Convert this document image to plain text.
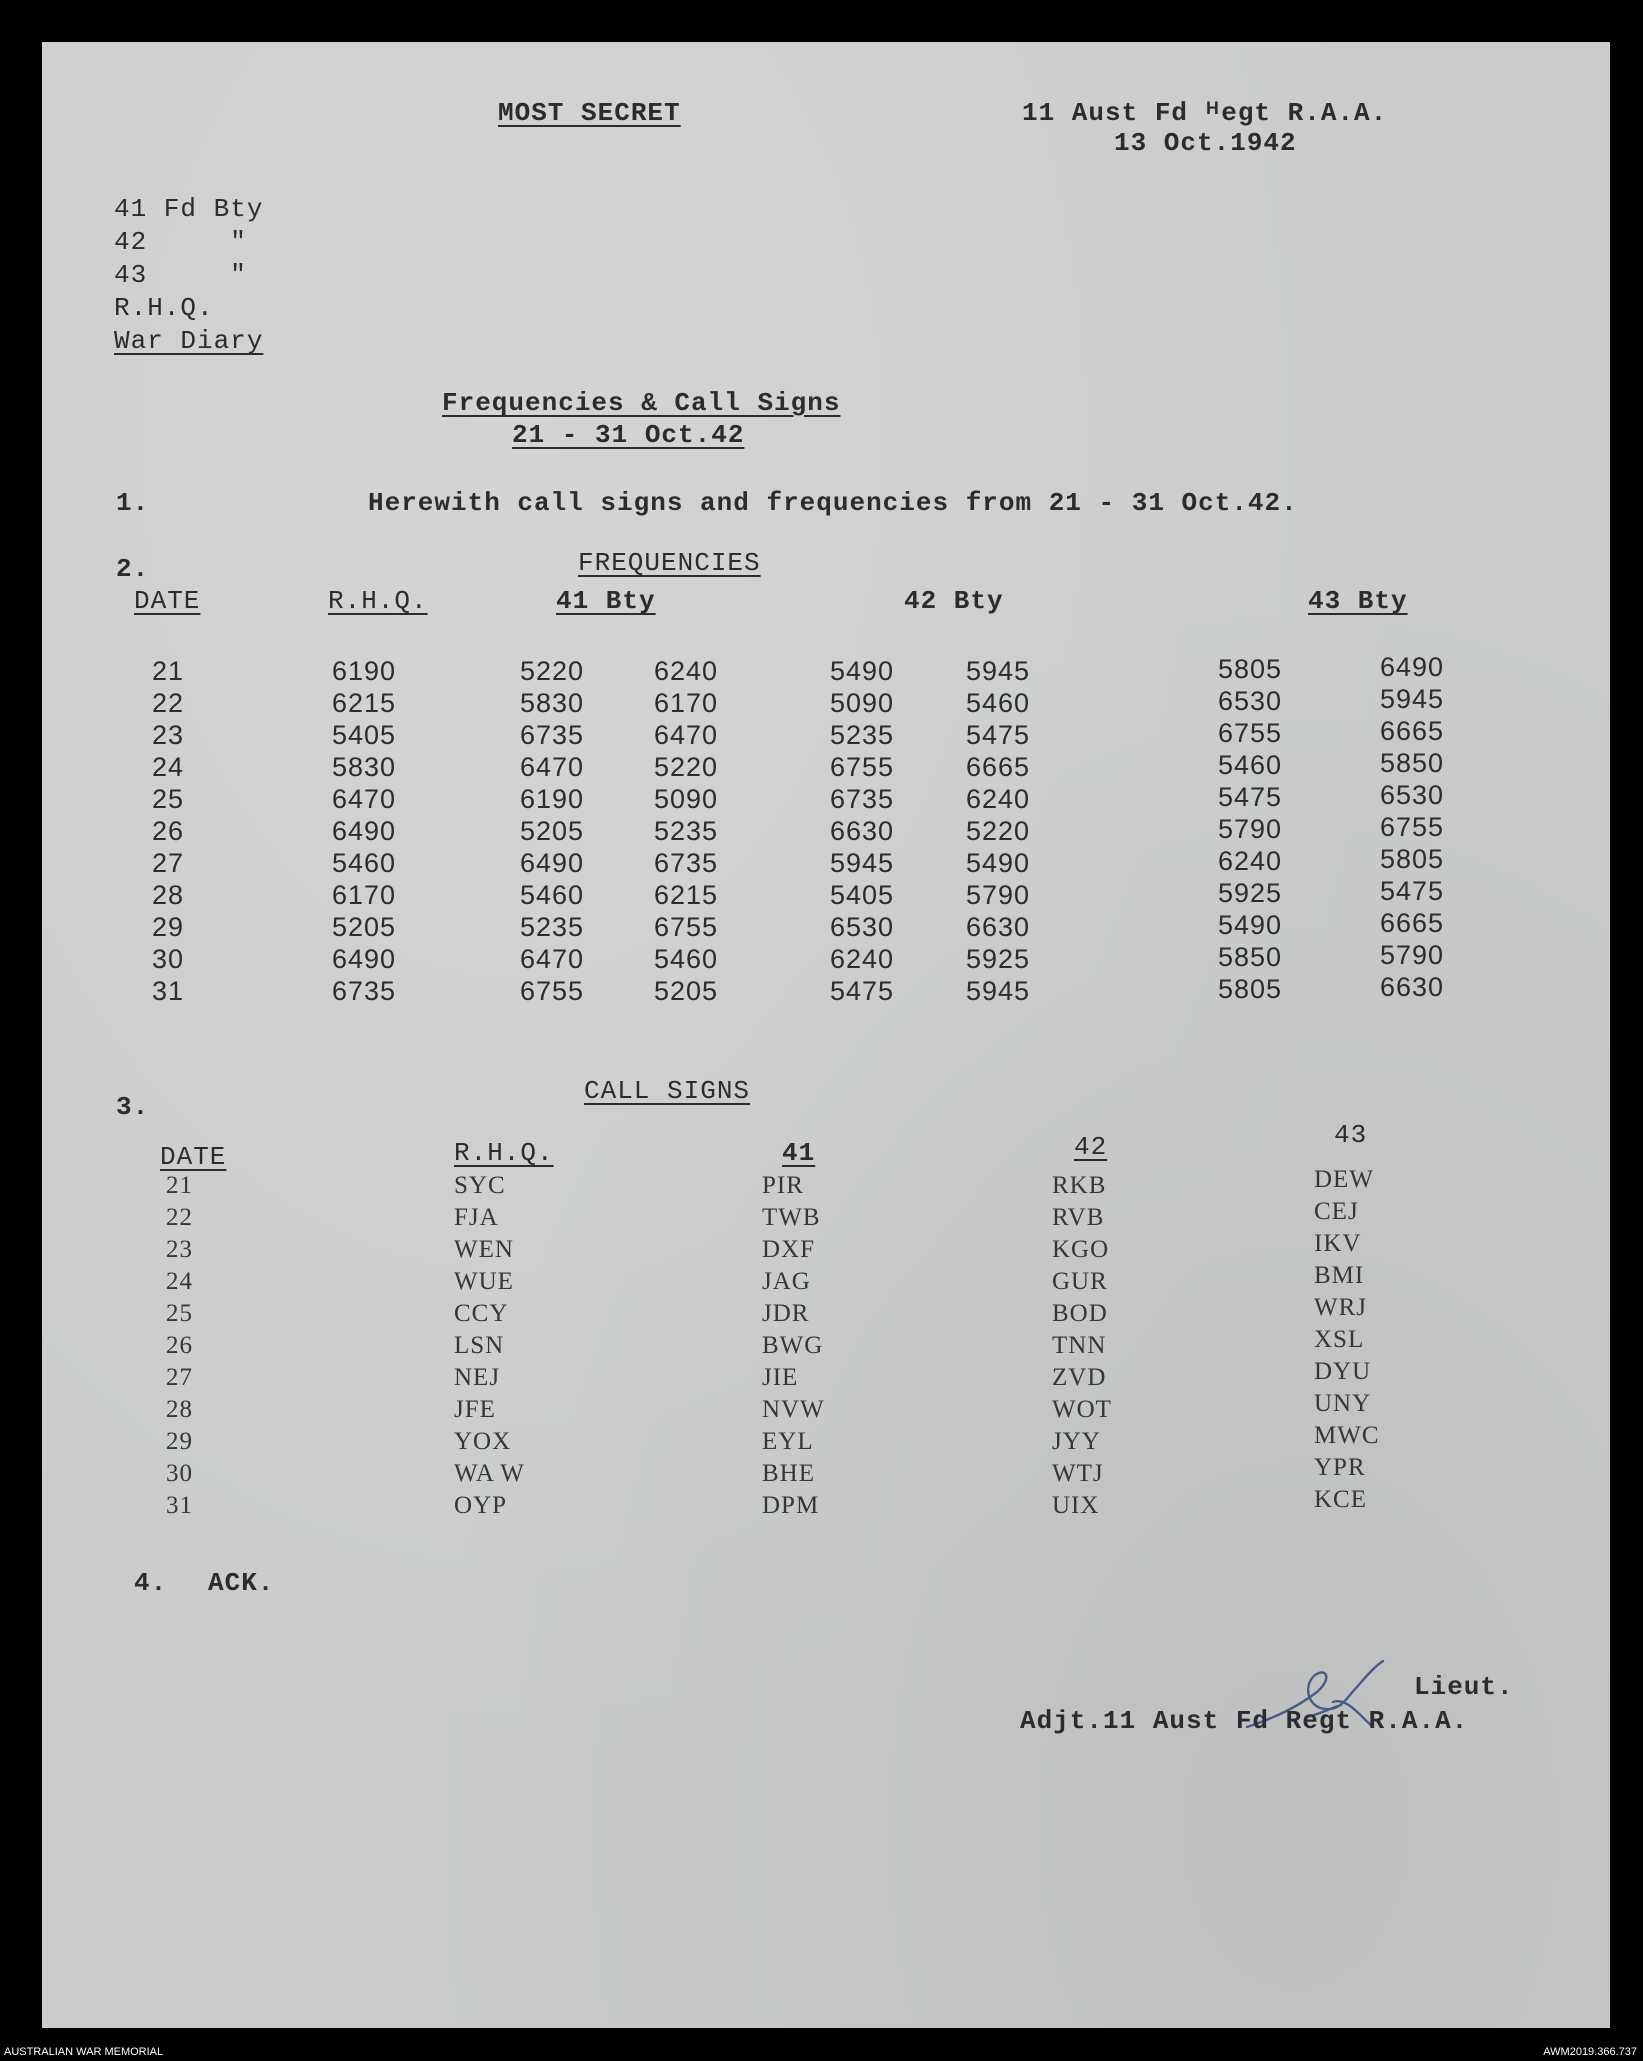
MOST SECRET	11 Aust Fd ᴴegt R.A.A.
13 Oct.1942
41 Fd Bty
42     "
43     "
R.H.Q.
War Diary
Frequencies & Call Signs
21 - 31 Oct.42
1.	Herewith call signs and frequencies from 21 - 31 Oct.42.
2.	FREQUENCIES
DATE	R.H.Q.	41 Bty	42 Bty	43 Bty
21	6190	5220	6240	5490	5945	5805	6490
22	6215	5830	6170	5090	5460	6530	5945
23	5405	6735	6470	5235	5475	6755	6665
24	5830	6470	5220	6755	6665	5460	5850
25	6470	6190	5090	6735	6240	5475	6530
26	6490	5205	5235	6630	5220	5790	6755
27	5460	6490	6735	5945	5490	6240	5805
28	6170	5460	6215	5405	5790	5925	5475
29	5205	5235	6755	6530	6630	5490	6665
30	6490	6470	5460	6240	5925	5850	5790
31	6735	6755	5205	5475	5945	5805	6630
3.
CALL SIGNS
DATE	R.H.Q.	41	42	43
21	SYC	PIR	RKB	DEW
22	FJA	TWB	RVB	CEJ
23	WEN	DXF	KGO	IKV
24	WUE	JAG	GUR	BMI
25	CCY	JDR	BOD	WRJ
26	LSN	BWG	TNN	XSL
27	NEJ	JIE	ZVD	DYU
28	JFE	NVW	WOT	UNY
29	YOX	EYL	JYY	MWC
30	WA W	BHE	WTJ	YPR
31	OYP	DPM	UIX	KCE
4. ACK.
Lieut.
Adjt.11 Aust Fd Regt R.A.A.
AUSTRALIAN WAR MEMORIAL	AWM2019.366.737
